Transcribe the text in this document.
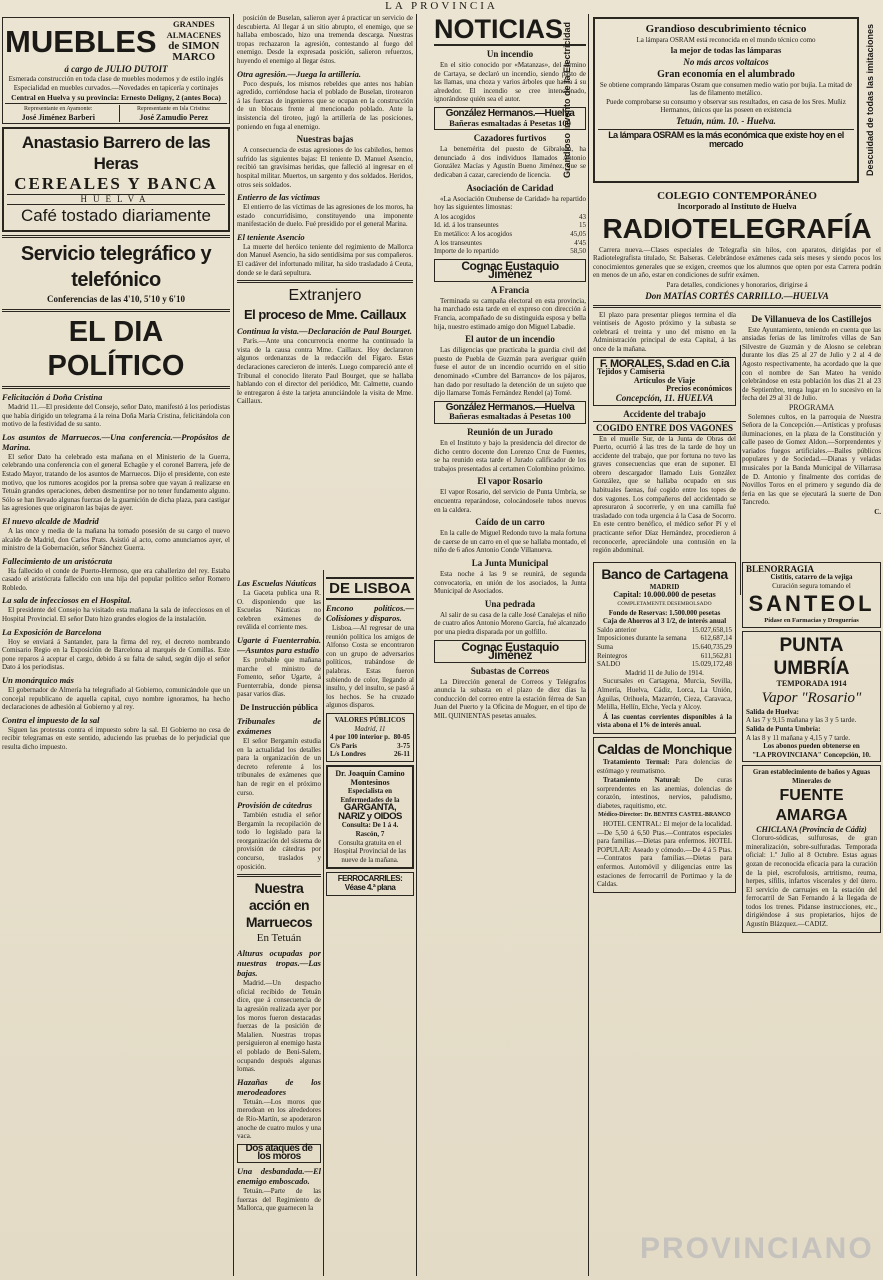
LA PROVINCIA
MUEBLES	GRANDES ALMACENES
de SIMON MARCO
á cargo de JULIO DUTOIT
Esmerada construcción en toda clase de muebles modernos y de estilo inglés
Especialidad en muebles curvados.—Novedades en tapicería y cortinajes
Central en Huelva y su provincia: Ernesto Deligny, 2 (antes Boca)
Representante en Ayamonte:
José Jiménez Barberi
Representante en Isla Cristina:
José Zamudio Perez
Anastasio Barrero de las Heras
CEREALES Y BANCA
HUELVA
Café tostado diariamente
Servicio telegráfico y telefónico
Conferencias de las 4'10, 5'10 y 6'10
EL DIA POLÍTICO
Felicitación á Doña Cristina

Madrid 11.—El presidente del Consejo, señor Dato, manifestó á los periodistas que había dirigido un telegrama á la reina Doña María Cristina, felicitándola con motivo de la festividad de su santo.

Los asuntos de Marruecos.—Una conferencia.—Propósitos de Marina.

El señor Dato ha celebrado esta mañana en el Ministerio de la Guerra, celebrando una conferencia con el general Echagüe y el coronel Barrera, jefe de Estado Mayor, tratando de los asuntos de Marruecos. Dijo el presidente, con este motivo, que los rumores acogidos por la prensa sobre que vayan á realizarse en Tetuán grandes operaciones, deben desmentirse por no tener fundamento alguno. Sólo se han llevado algunas fuerzas de la guarnición de dicha plaza, para castigar las agresiones que originaron las bajas de ayer.

El nuevo alcalde de Madrid

A las once y media de la mañana ha tomado posesión de su cargo el nuevo alcalde de Madrid, don Carlos Prats. Asistió al acto, como anunciamos ayer, el ministro de la Gobernación, señor Sánchez Guerra.

Fallecimiento de un aristócrata

Ha fallecido el conde de Puerto-Hermoso, que era caballerizo del rey. Estaba casado el aristócrata fallecido con una hija del popular político señor Romero Robledo.

La sala de infecciosos en el Hospital.

El presidente del Consejo ha visitado esta mañana la sala de infecciosos en el Hospital Provincial. El señor Dato hizo grandes elogios de la instalación.

La Exposición de Barcelona

Hoy se enviará á Santander, para la firma del rey, el decreto nombrando Comisario Regio en la Exposición de Barcelona al marqués de Comillas. Este pone reparos á aceptar el cargo, debido á su falta de salud, según dijo el señor Dato á los periodistas.

Un monárquico más

El gobernador de Almería ha telegrafiado al Gobierno, comunicándole que un concejal republicano de aquella capital, cuyo nombre ignoramos, ha hecho declaraciones de adhesión al Gobierno y al rey.

Contra el impuesto de la sal

Siguen las protestas contra el impuesto sobre la sal. El Gobierno no cesa de recibir telegramas en este sentido, aduciendo las pruebas de lo perjudicial que resulta dicho impuesto.

posición de Buselan, salieron ayer á practicar un servicio de descubierta. Al llegar á un sitio abrupto, el enemigo, que se hallaba emboscado, hizo una tremenda descarga. Nuestras tropas rechazaron la agresión, contestando al fuego del enemigo. Desde la expresada posición, salieron refuerzos, huyendo el enemigo al llegar éstos.

Otra agresión.—Juega la artillería.

Poco después, los mismos rebeldes que antes nos habían agredido, corriéndose hacia el poblado de Buselan, tirotearon á las fuerzas de ingenieros que se ocupan en la construcción de un blocaus frente al mencionado poblado. Ante la insistencia del tiroteo, jugó la artillería de las posiciones, poniendo en fuga al enemigo.

Nuestras bajas

A consecuencia de estas agresiones de los cabileños, hemos sufrido las siguientes bajas: El teniente D. Manuel Asencio, recibió tan gravísimas heridas, que falleció al ingresar en el hospital militar. Muertos, un sargento y dos soldados. Heridos, otros seis soldados.

Entierro de las víctimas

El entierro de las víctimas de las agresiones de los moros, ha estado concurridísimo, constituyendo una imponente manifestación de duelo. Fué presidido por el general Marina.

El teniente Asencio

La muerte del heróico teniente del regimiento de Mallorca don Manuel Asencio, ha sido sentidísima por sus compañeros. El cadáver del infortunado militar, ha sido trasladado á Ceuta, donde se le dará sepultura.

Extranjero
El proceso de Mme. Caillaux
Continua la vista.—Declaración de Paul Bourget.

París.—Ante una concurrencia enorme ha continuado la vista de la causa contra Mme. Caillaux. Hoy declararon algunos ordenanzas de la redacción del Fígaro. Estas declaraciones carecieron de interés. Luego compareció ante el Tribunal el conocido literato Paul Bourget, que se hallaba hablando con el director del periódico, Mr. Calmette, cuando le entregaron á éste la tarjeta anunciándole la visita de Mme. Caillaux.

Las Escuelas Náuticas

La Gaceta publica una R. O. disponiendo que las Escuelas Náuticas no celebren exámenes de reválida el corriente mes.

Ugarte á Fuenterrabía.—Asuntos para estudio

Es probable que mañana marche el ministro de Fomento, señor Ugarte, á Fuenterrabía, donde piensa pasar varios días.

De Instrucción pública
Tribunales de exámenes

El señor Bergamín estudia en la actualidad los detalles para la organización de un decreto referente á los tribunales de exámenes que han de regir en el próximo curso.

Provisión de cátedras

También estudia el señor Bergamín la recopilación de todo lo legislado para la reorganización del sistema de provisión de cátedras por concurso, traslados y oposición.

Nuestra acción en Marruecos
En Tetuán
Alturas ocupadas por nuestras tropas.—Las bajas.

Madrid.—Un despacho oficial recibido de Tetuán dice, que á consecuencia de la agresión realizada ayer por los moros fueron destacadas fuerzas de la posición de Malalien. Nuestras tropas persiguieron al enemigo hasta el poblado de Beni-Salem, ocupando después algunas lomas.

Hazañas de los merodeadores

Tetuán.—Los moros que merodean en los alrededores de Río-Martín, se apoderaron anoche de cuatro mulos y una vaca.

Dos ataques de los moros
Una desbandada.—El enemigo emboscado.

Tetuán.—Parte de las fuerzas del Regimiento de Mallorca, que guarnecen la

DE LISBOA
Encono políticos.—Colisiones y disparos.

Lisboa.—Al regresar de una reunión política los amigos de Alfonso Costa se encontraron con un grupo de adversarios políticos, trabándose de palabras. Estas fueron subiendo de color, llegando al insulto, y del insulto, se pasó á los hechos. Se ha cruzado algunos disparos.

VALORES PÚBLICOS
Madrid, 11
4 por 100 interior p.	80-05
C/s Paris	3-75
L/s Londres	26-11
Dr. Joaquín Camino Montesinos
Especialista en Enfermedades de la
GARGANTA, NARIZ y OIDOS
Consulta: De 1 á 4. Rascón, 7
Consulta gratuita en el Hospital Provincial de las nueve de la mañana.
FERROCARRILES: Véase 4.ª plana
NOTICIAS
Un incendio

En el sitio conocido por «Matanzas», del término de Cartaya, se declaró un incendio, siendo pasto de las llamas, una choza y varios árboles que había á su alrededor. El incendio se cree intencionado, ignorándose quién sea el autor.

González Hermanos.—Huelva
Bañeras esmaltadas á Pesetas 100
Cazadores furtivos

La benemérita del puesto de Gibraleón, ha denunciado á dos individuos llamados Antonio González Macías y Agustín Bueno Jiménez, que se dedicaban á cazar, careciendo de licencia.

Asociación de Caridad

«La Asociación Onubense de Caridad» ha repartido hoy las siguientes limosnas:

A los acogidos	43
Id. id. á los transeuntes	15
En metálico: A los acogidos	45,05
A los transeuntes	4'45
Importe de lo repartido	58,50
Cognac Eustaquio Jiménez
A Francia

Terminada su campaña electoral en esta provincia, ha marchado esta tarde en el expreso con dirección á Francia, acompañado de su distinguida esposa y bella hija, nuestro estimado amigo don Miguel Labadie.

El autor de un incendio

Las diligencias que practicaba la guardia civil del puesto de Puebla de Guzmán para averiguar quién fuese el autor de un incendio ocurrido en el sitio denominado «Cumbre del Barranco» de los pájaros, han dado por resultado la detención de un sujeto que dijo llamarse Tomás Fernández Rendel (a) Tomé.

González Hermanos.—Huelva
Bañeras esmaltadas á Pesetas 100
Reunión de un Jurado

En el Instituto y bajo la presidencia del director de dicho centro docente don Lorenzo Cruz de Fuentes, se ha reunido esta tarde el Jurado calificador de los trabajos presentados al certamen Colombino próximo.

El vapor Rosario

El vapor Rosario, del servicio de Punta Umbría, se encuentra reparándose, colocándosele tubos nuevos en la caldera.

Caído de un carro

En la calle de Miguel Redondo tuvo la mala fortuna de caerse de un carro en el que se hallaba montado, el niño de 6 años Antonio Conde Villanueva.

La Junta Municipal

Esta noche á las 9 se reunirá, de segunda convocatoria, en unión de los asociados, la Junta Municipal de Asociados.

Una pedrada

Al salir de su casa de la calle José Canalejas el niño de cuatro años Antonio Moreno García, fué alcanzado por una piedra disparada por un golfillo.

Cognac Eustaquio Jiménez
Subastas de Correos

La Dirección general de Correos y Telégrafos anuncia la subasta en el plazo de diez días la conducción del correo entre la estación férrea de San Juan del Puerto y la Oficina de Moguer, en el tipo de MIL QUINIENTAS pesetas anuales.

Grandioso invento de la Electricidad	Grandioso descubrimiento técnico
La lámpara OSRAM está reconocida en el mundo técnico como
la mejor de todas las lámparas
No más arcos voltaicos
Gran economía en el alumbrado
Se obtiene comprando lámparas Osram que consumen medio watio por bujía. La mitad de las de filamento metálico.
Puede comprobarse su consumo y observar sus resultados, en casa de los Sres. Muñiz Hermanos, únicos que las poseen en existencia
Tetuán, núm. 10. - Huelva.
La lámpara OSRAM es la más económica que existe hoy en el mercado
COLEGIO CONTEMPORÁNEO
Incorporado al Instituto de Huelva
RADIOTELEGRAFÍA

Carrera nueva.—Clases especiales de Telegrafía sin hilos, con aparatos, dirigidas por el Radiotelegrafista titulado, Sr. Balseras. Celebrándose exámenes cada seis meses y siendo pocos los conocimientos generales que se exigen, creemos que los alumnos que opten por esta Carrera podrán en menos de un año, estar en condiciones de sufrir exámen.

Para detalles, condiciones y honorarios, dirigirse á
Don MATÍAS CORTÉS CARRILLO.—HUELVA

El plazo para presentar pliegos termina el día veintiseis de Agosto próximo y la subasta se celebrará el treinta y uno del mismo en la Administración principal de esta Capital, á las once de la mañana.

F. MORALES, S.dad en C.ia
Tejidos y Camisería
Artículos de Viaje
Precios económicos
Concepción, 11. HUELVA
Accidente del trabajo
COGIDO ENTRE DOS VAGONES

En el muelle Sur, de la Junta de Obras del Puerto, ocurrió á las tres de la tarde de hoy un accidente del trabajo, que por fortuna no tuvo las graves consecuencias que eran de suponer. El obrero descargador llamado Luis González González, que se hallaba ocupado en sus habituales faenas, fué cogido entre los topes de dos vagones. Los compañeros del accidentado se apresuraron á socorrerle, y en una camilla fué trasladado con toda urgencia á la Casa de Socorro. En este centro benéfico, el médico señor Pí y el practicante señor Díaz Hernández, procedieron á reconocerle, apreciándole una contusión en la región abdominal.

De Villanueva de los Castillejos

Este Ayuntamiento, teniendo en cuenta que las ansiadas ferias de las limítrofes villas de San Silvestre de Guzmán y de Alosno se celebran durante los días 25 al 27 de Julio y 2 al 4 de Agosto respectivamente, ha acordado que la que con el nombre de San Mateo ha venido celebrándose en esta población los días 21 al 23 de Septiembre, tenga lugar en lo sucesivo en la fecha del 29 al 31 de Julio.

PROGRAMA

Solemnes cultos, en la parroquia de Nuestra Señora de la Concepción.—Artísticas y profusas iluminaciones, en la plaza de la Constitución y calle paseo de Gomez Aldon.—Sorprendentes y variados fuegos artificiales.—Bailes públicos populares y de Sociedad.—Dianas y veladas musicales por la Banda Municipal de Villarrasa de D. Antonio y finalmente dos corridas de Novillos Toros en el primero y segundo día de feria en las que se ejecutará la suerte de Don Tancredo.

C.
Banco de Cartagena
MADRID
Capital: 10.000.000 de pesetas
COMPLETAMENTE DESEMBOLSADO
Fondo de Reservas: 1.500.000 pesetas
Caja de Ahorros al 3 1/2, de interés anual
Saldo anterior	15.027,658,15
Imposiciones durante la semana	612,687,14
Suma	15.640,735,29
Reintegros	611,562,81
SALDO	15.029,172,48
Madrid 11 de Julio de 1914.

Sucursales en Cartagena, Murcia, Sevilla, Almería, Huelva, Cádiz, Lorca, La Unión, Águilas, Orihuela, Mazarrón, Cieza, Caravaca, Melilla, Hellín, Elche, Yecla y Alcoy.

Á las cuentas corrientes disponibles á la vista abona el 1% de interés anual.

Caldas de Monchique

Tratamiento Termal: Para dolencias de estómago y reumatismo.

Tratamiento Natural: De curas sorprendentes en las anemias, dolencias de corazón, intestinos, nervios, paludismo, diabetes, raquitismo, etc.

Médico-Director: Dr. BENTES CASTEL-BRANCO

HOTEL CENTRAL: El mejor de la localidad.—De 5,50 á 6,50 Ptas.—Contratos especiales para familias.—Dietas para enfermos. HOTEL POPULAR: Aseado y cómodo.—De 4 á 5 Ptas.—Contratos para familias.—Dietas para enfermos. Automóvil y diligencias entre las estaciones de ferrocarril de Portimao y la de Caldas.

BLENORRAGIA
Cistitis, catarro de la vejiga
Curación segura tomando el
SANTEOL
Pídase en Farmacias y Droguerías
PUNTA UMBRÍA
TEMPORADA 1914
Vapor "Rosario"
Salida de Huelva:
A las 7 y 9,15 mañana y las 3 y 5 tarde.
Salida de Punta Umbría:
A las 8 y 11 mañana y 4,15 y 7 tarde.
Los abonos pueden obtenerse en
"LA PROVINCIANA" Concepción, 10.
Gran establecimiento de baños y Aguas Minerales de
FUENTE AMARGA
CHICLANA (Provincia de Cádiz)

Cloruro-sódicas, sulfurosas, de gran mineralización, sobre-sulfuradas. Temporada oficial: 1.º Julio al 8 Octubre. Estas aguas gozan de reconocida eficacia para la curación de la piel, escrofulosis, artritismo, reuma, herpes, sífilis, infartos viscerales y del útero. El servicio de carruajes en la estación del ferrocarril de San Fernando á la llegada de todos los trenes. Pidanse instrucciones, etc., dirigiéndose á sus propietarios, hijos de Agustín Blázquez.—CADIZ.

Descuidad de todas las imitaciones
PROVINCIANO
